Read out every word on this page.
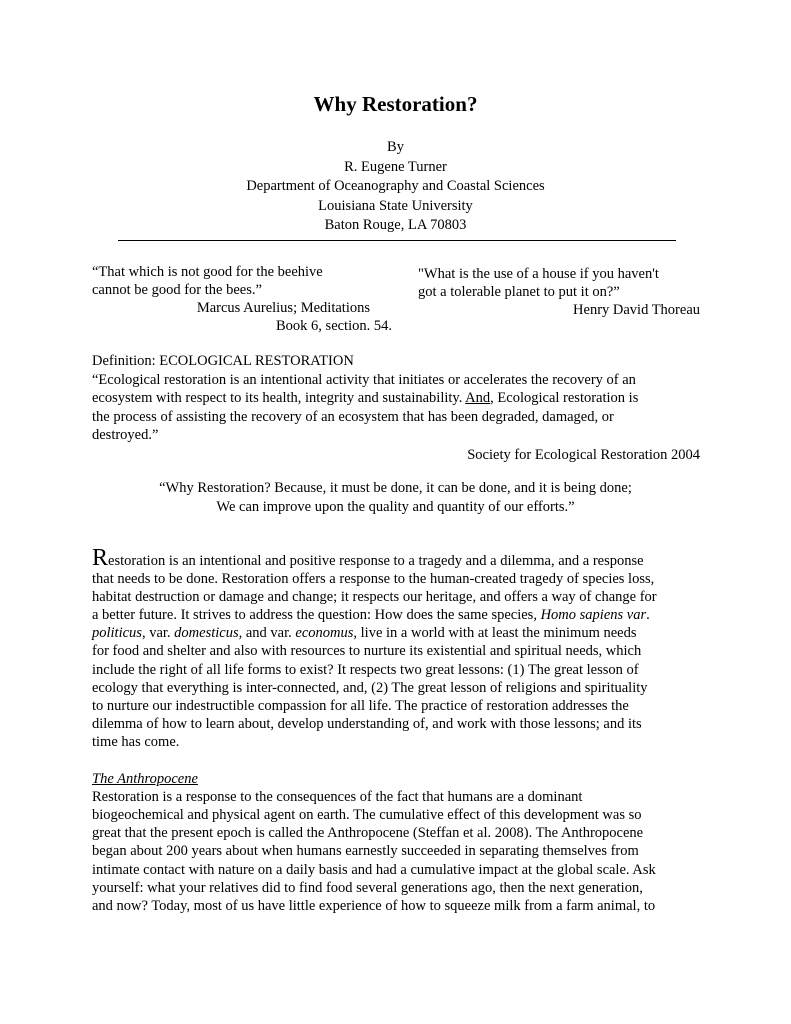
Why Restoration?
By
R. Eugene Turner
Department of Oceanography and Coastal Sciences
Louisiana State University
Baton Rouge, LA 70803
“That which is not good for the beehive
cannot be good for the bees.”
Marcus Aurelius; Meditations
Book 6, section. 54.
"What is the use of a house if you haven't
got a tolerable planet to put it on?”
Henry David Thoreau
Definition: ECOLOGICAL RESTORATION
“Ecological restoration is an intentional activity that initiates or accelerates the recovery of an
ecosystem with respect to its health, integrity and sustainability. And, Ecological restoration is
the process of assisting the recovery of an ecosystem that has been degraded, damaged, or
destroyed.”
Society for Ecological Restoration 2004
“Why Restoration? Because, it must be done, it can be done, and it is being done;
We can improve upon the quality and quantity of our efforts.”
Restoration is an intentional and positive response to a tragedy and a dilemma, and a response
that needs to be done. Restoration offers a response to the human-created tragedy of species loss,
habitat destruction or damage and change; it respects our heritage, and offers a way of change for
a better future. It strives to address the question: How does the same species, Homo sapiens var.
politicus, var. domesticus, and var. economus, live in a world with at least the minimum needs
for food and shelter and also with resources to nurture its existential and spiritual needs, which
include the right of all life forms to exist? It respects two great lessons: (1) The great lesson of
ecology that everything is inter-connected, and, (2) The great lesson of religions and spirituality
to nurture our indestructible compassion for all life. The practice of restoration addresses the
dilemma of how to learn about, develop understanding of, and work with those lessons; and its
time has come.
The Anthropocene
Restoration is a response to the consequences of the fact that humans are a dominant
biogeochemical and physical agent on earth. The cumulative effect of this development was so
great that the present epoch is called the Anthropocene (Steffan et al. 2008). The Anthropocene
began about 200 years about when humans earnestly succeeded in separating themselves from
intimate contact with nature on a daily basis and had a cumulative impact at the global scale. Ask
yourself: what your relatives did to find food several generations ago, then the next generation,
and now? Today, most of us have little experience of how to squeeze milk from a farm animal, to
